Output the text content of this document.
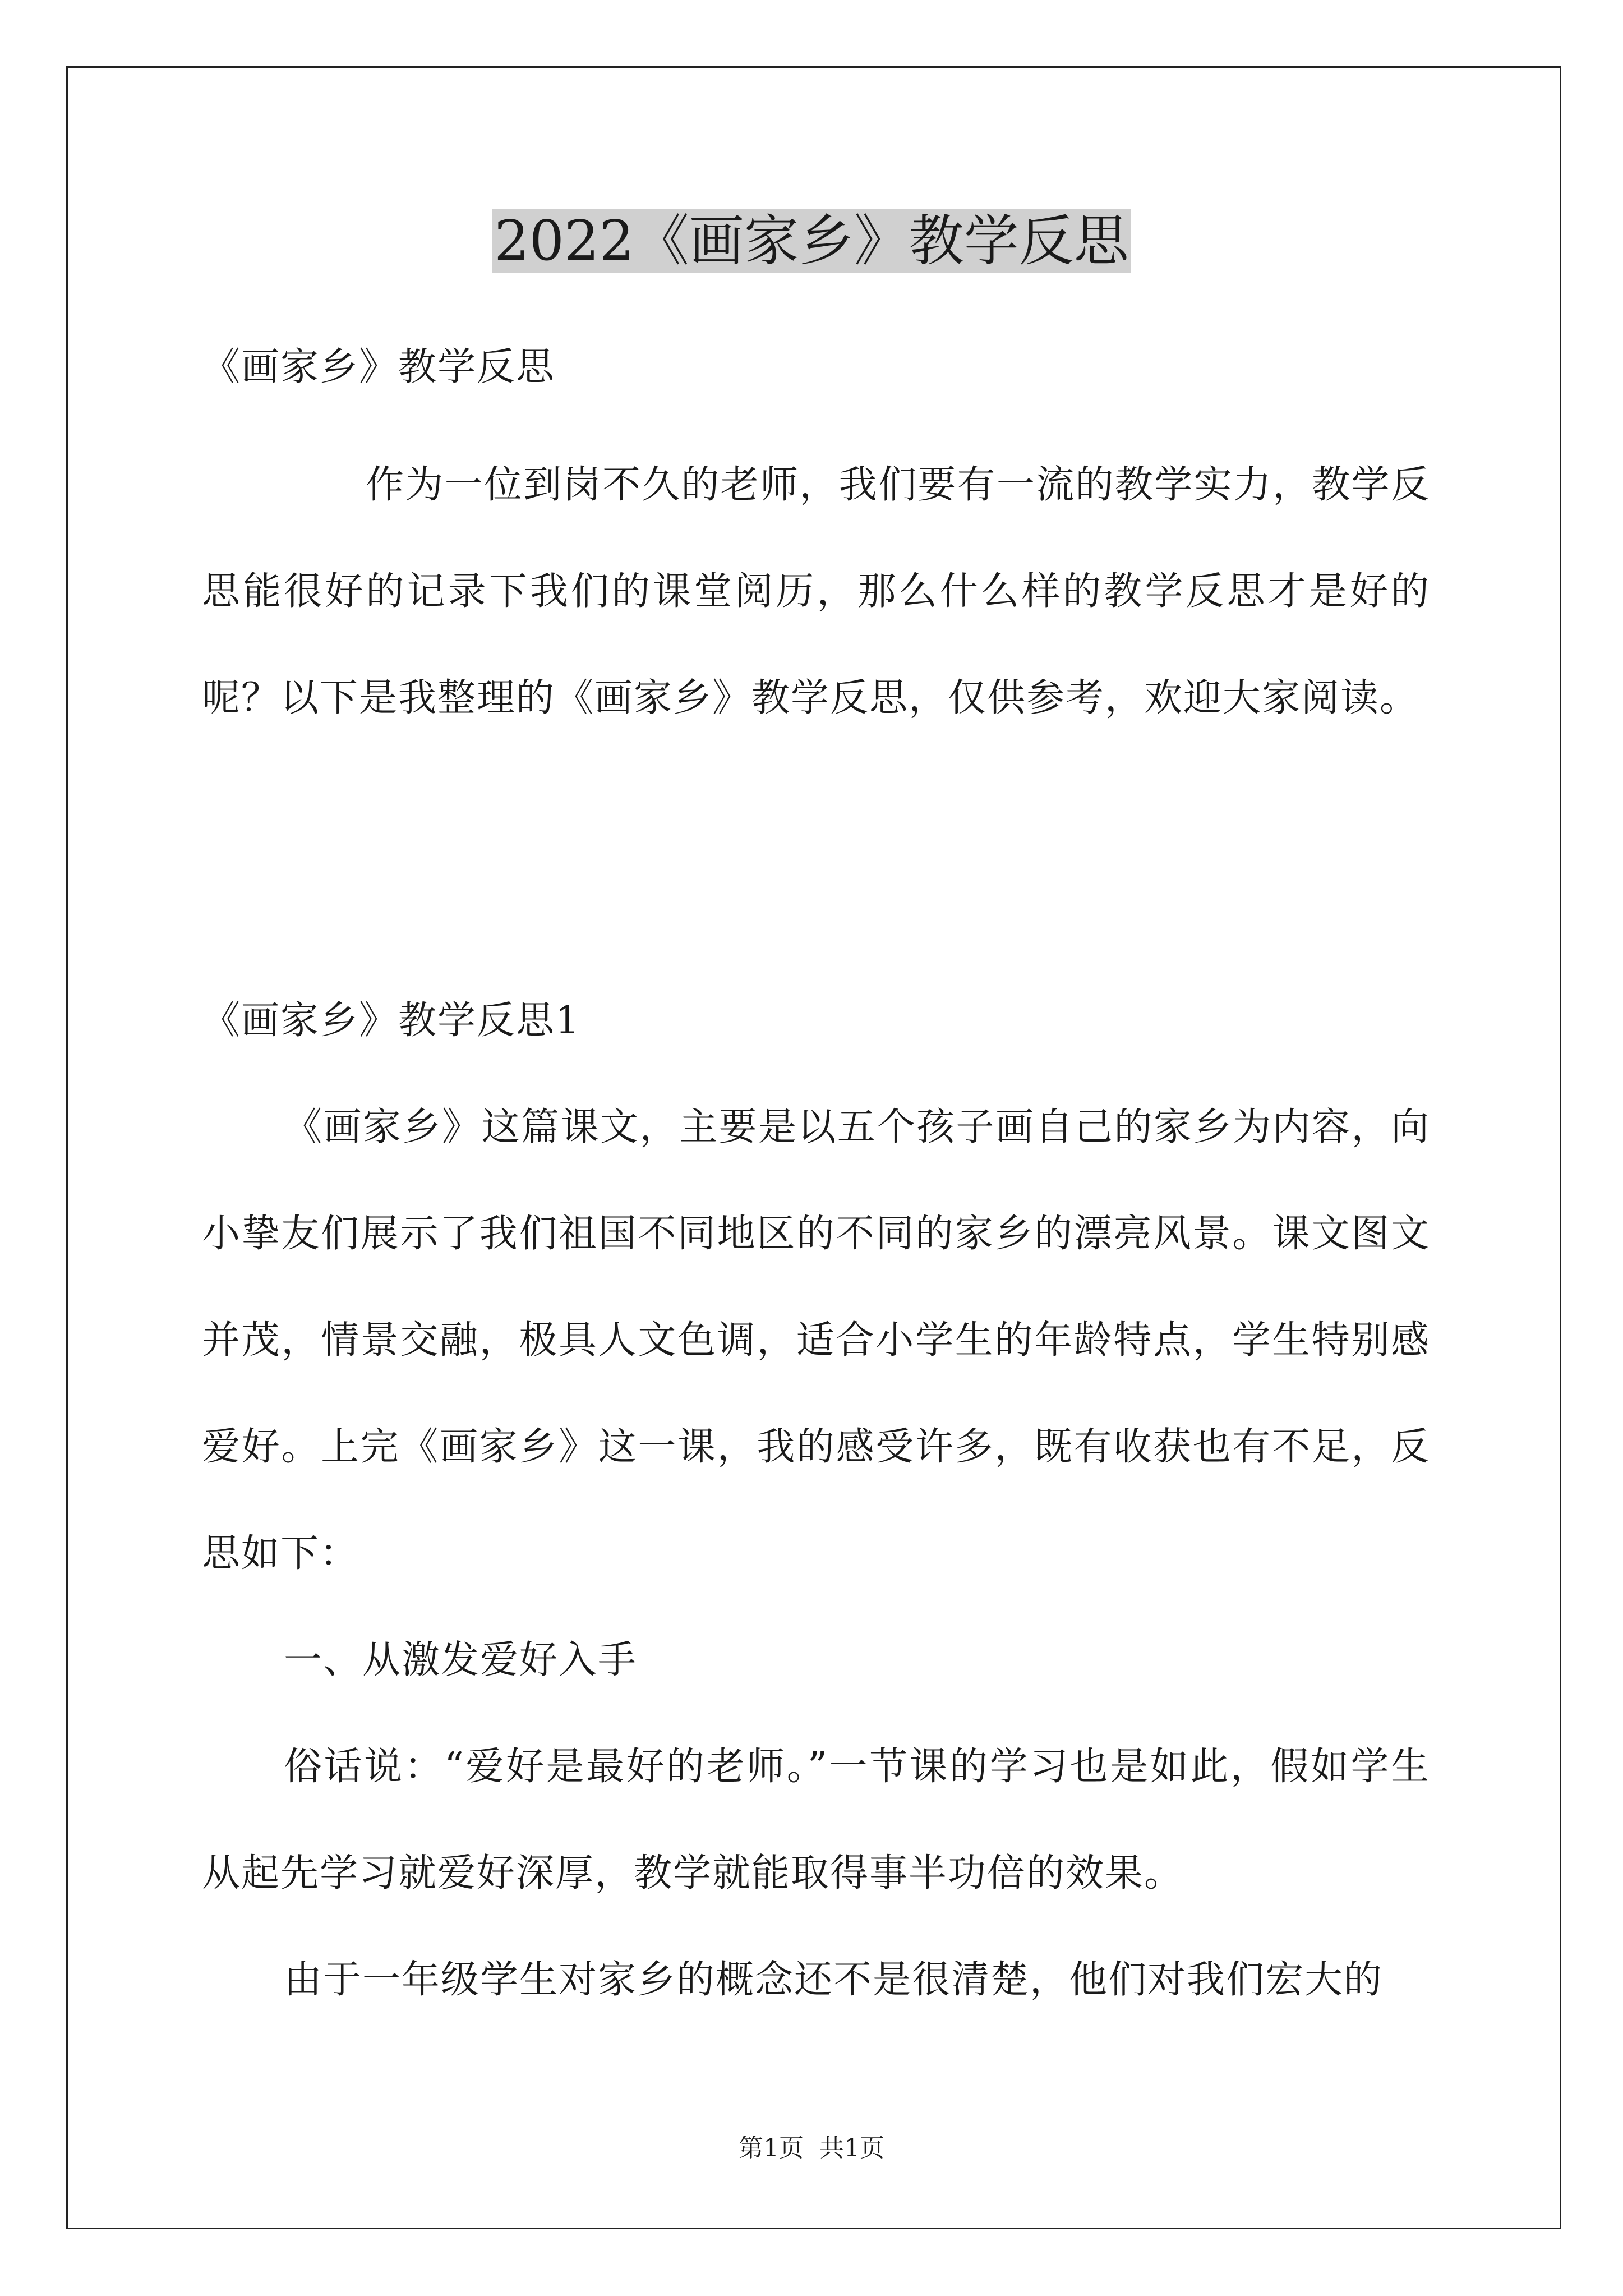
2022《画家乡》教学反思

《画家乡》教学反思

作为一位到岗不久的老师，我们要有一流的教学实力，教学反思能很好的记录下我们的课堂阅历，那么什么样的教学反思才是好的呢？以下是我整理的《画家乡》教学反思，仅供参考，欢迎大家阅读。

《画家乡》教学反思1

《画家乡》这篇课文，主要是以五个孩子画自己的家乡为内容，向小挚友们展示了我们祖国不同地区的不同的家乡的漂亮风景。课文图文并茂，情景交融，极具人文色调，适合小学生的年龄特点，学生特别感爱好。上完《画家乡》这一课，我的感受许多，既有收获也有不足，反思如下：

一、从激发爱好入手

俗话说：“爱好是最好的老师。”一节课的学习也是如此，假如学生从起先学习就爱好深厚，教学就能取得事半功倍的效果。

由于一年级学生对家乡的概念还不是很清楚，他们对我们宏大的

第1页 共1页
